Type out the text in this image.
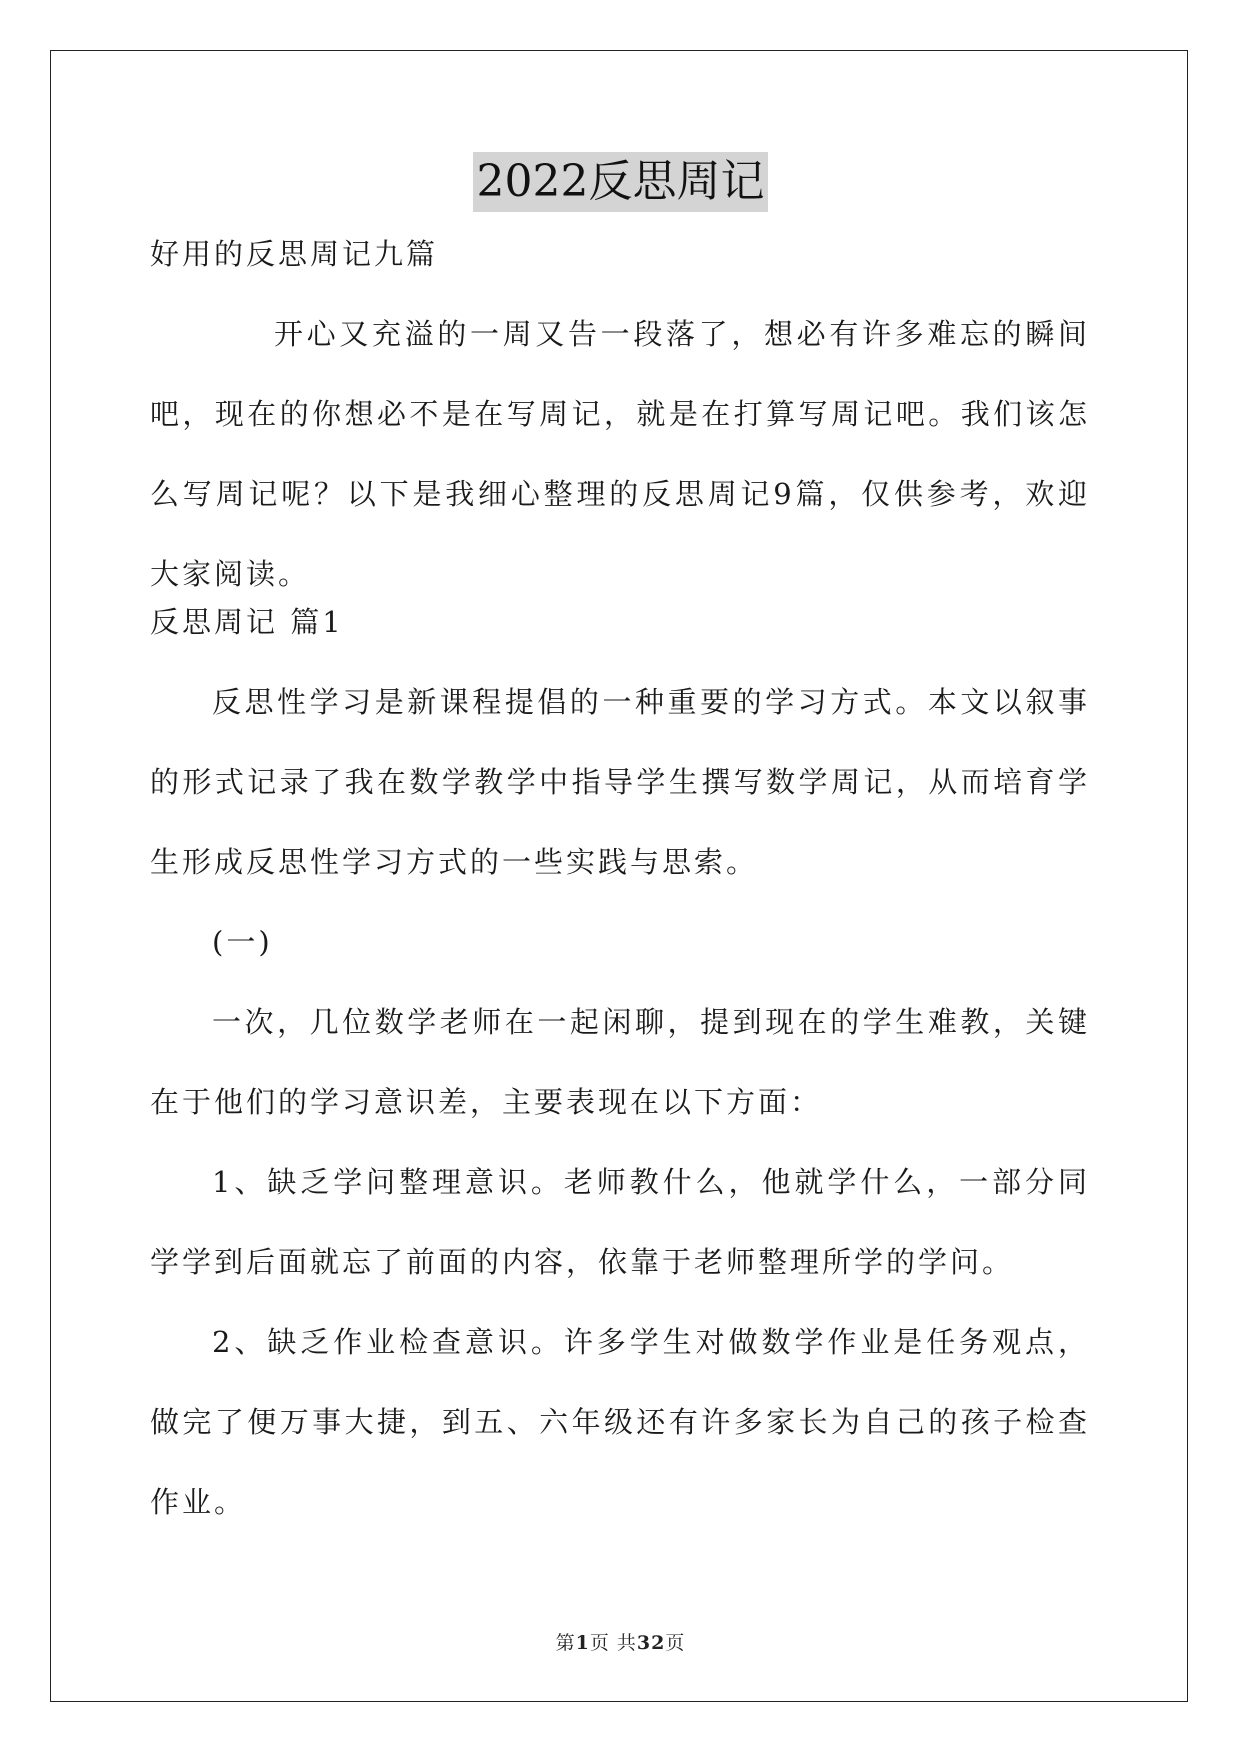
2022反思周记

好用的反思周记九篇

开心又充溢的一周又告一段落了，想必有许多难忘的瞬间吧，现在的你想必不是在写周记，就是在打算写周记吧。我们该怎么写周记呢？以下是我细心整理的反思周记9篇，仅供参考，欢迎大家阅读。

反思周记 篇1

反思性学习是新课程提倡的一种重要的学习方式。本文以叙事的形式记录了我在数学教学中指导学生撰写数学周记，从而培育学生形成反思性学习方式的一些实践与思索。

(一)

一次，几位数学老师在一起闲聊，提到现在的学生难教，关键在于他们的学习意识差，主要表现在以下方面：

1、缺乏学问整理意识。老师教什么，他就学什么，一部分同学学到后面就忘了前面的内容，依靠于老师整理所学的学问。

2、缺乏作业检查意识。许多学生对做数学作业是任务观点，做完了便万事大捷，到五、六年级还有许多家长为自己的孩子检查作业。

第1页 共32页
